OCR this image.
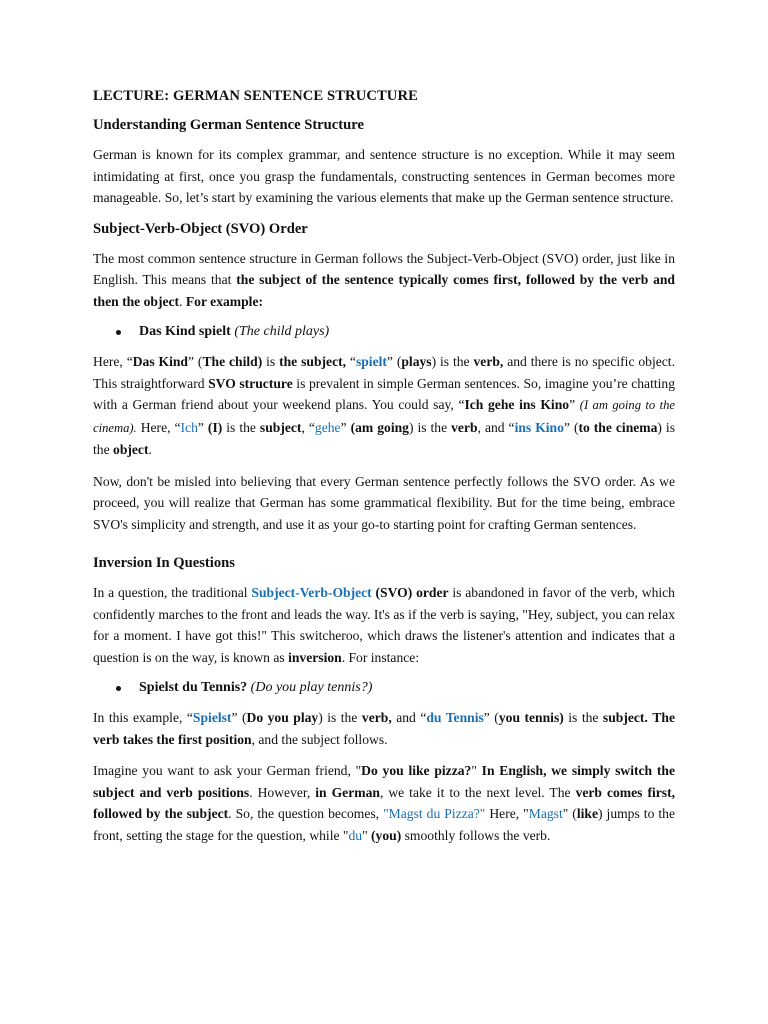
LECTURE: GERMAN SENTENCE STRUCTURE
Understanding German Sentence Structure

German is known for its complex grammar, and sentence structure is no exception. While it may seem intimidating at first, once you grasp the fundamentals, constructing sentences in German becomes more manageable. So, let’s start by examining the various elements that make up the German sentence structure.

Subject-Verb-Object (SVO) Order

The most common sentence structure in German follows the Subject-Verb-Object (SVO) order, just like in English. This means that the subject of the sentence typically comes first, followed by the verb and then the object. For example:

Das Kind spielt (The child plays)

Here, “Das Kind” (The child) is the subject, “spielt” (plays) is the verb, and there is no specific object. This straightforward SVO structure is prevalent in simple German sentences. So, imagine you’re chatting with a German friend about your weekend plans. You could say, “Ich gehe ins Kino” (I am going to the cinema). Here, “Ich” (I) is the subject, “gehe” (am going) is the verb, and “ins Kino” (to the cinema) is the object.

Now, don't be misled into believing that every German sentence perfectly follows the SVO order. As we proceed, you will realize that German has some grammatical flexibility. But for the time being, embrace SVO's simplicity and strength, and use it as your go-to starting point for crafting German sentences.

Inversion In Questions

In a question, the traditional Subject-Verb-Object (SVO) order is abandoned in favor of the verb, which confidently marches to the front and leads the way. It's as if the verb is saying, "Hey, subject, you can relax for a moment. I have got this!" This switcheroo, which draws the listener's attention and indicates that a question is on the way, is known as inversion. For instance:

Spielst du Tennis? (Do you play tennis?)

In this example, “Spielst” (Do you play) is the verb, and “du Tennis” (you tennis) is the subject. The verb takes the first position, and the subject follows.

Imagine you want to ask your German friend, "Do you like pizza?" In English, we simply switch the subject and verb positions. However, in German, we take it to the next level. The verb comes first, followed by the subject. So, the question becomes, "Magst du Pizza?" Here, "Magst" (like) jumps to the front, setting the stage for the question, while "du" (you) smoothly follows the verb.
